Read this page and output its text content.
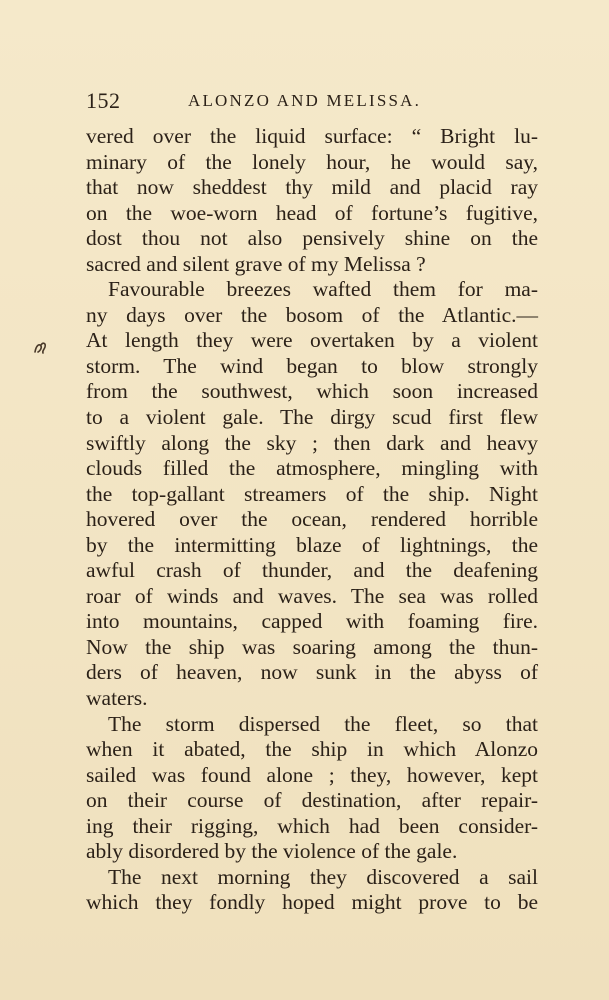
152	ALONZO AND MELISSA.
vered over the liquid surface: “ Bright lu-
minary of the lonely hour, he would say,
that now sheddest thy mild and placid ray
on the woe-worn head of fortune’s fugitive,
dost thou not also pensively shine on the
sacred and silent grave of my Melissa ?
Favourable breezes wafted them for ma-
ny days over the bosom of the Atlantic.—
At length they were overtaken by a violent
storm. The wind began to blow strongly
from the southwest, which soon increased
to a violent gale. The dirgy scud first flew
swiftly along the sky ; then dark and heavy
clouds filled the atmosphere, mingling with
the top-gallant streamers of the ship. Night
hovered over the ocean, rendered horrible
by the intermitting blaze of lightnings, the
awful crash of thunder, and the deafening
roar of winds and waves. The sea was rolled
into mountains, capped with foaming fire.
Now the ship was soaring among the thun-
ders of heaven, now sunk in the abyss of
waters.
The storm dispersed the fleet, so that
when it abated, the ship in which Alonzo
sailed was found alone ; they, however, kept
on their course of destination, after repair-
ing their rigging, which had been consider-
ably disordered by the violence of the gale.
The next morning they discovered a sail
which they fondly hoped might prove to be
